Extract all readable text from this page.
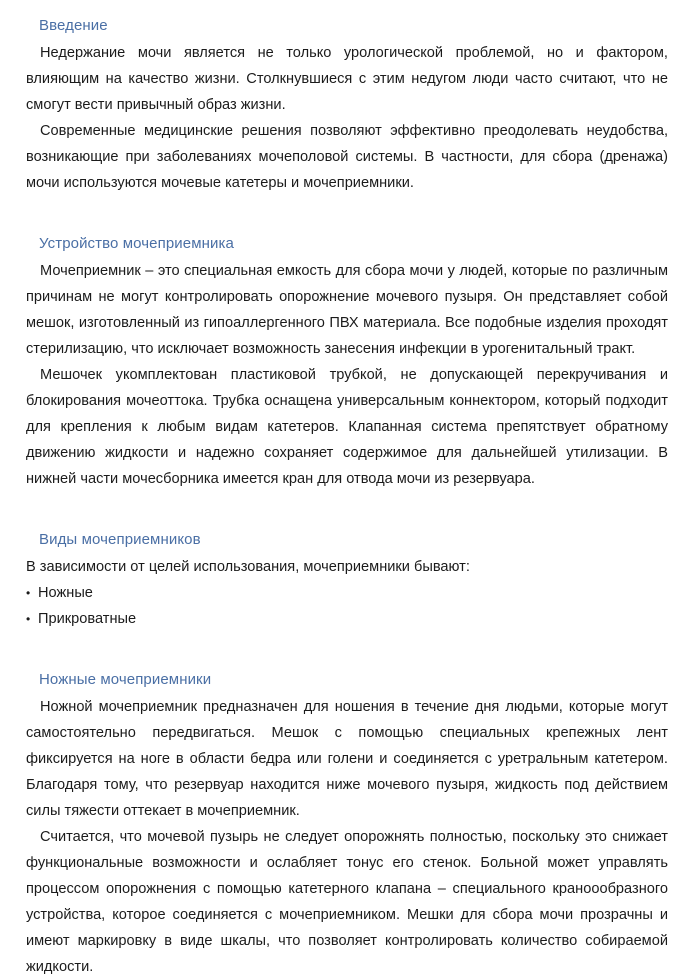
Введение

Недержание мочи является не только урологической проблемой, но и фактором, влияющим на качество жизни. Столкнувшиеся с этим недугом люди часто считают, что не смогут вести привычный образ жизни.

Современные медицинские решения позволяют эффективно преодолевать неудобства, возникающие при заболеваниях мочеполовой системы. В частности, для сбора (дренажа) мочи используются мочевые катетеры и мочеприемники.

Устройство мочеприемника

Мочеприемник – это специальная емкость для сбора мочи у людей, которые по различным причинам не могут контролировать опорожнение мочевого пузыря. Он представляет собой мешок, изготовленный из гипоаллергенного ПВХ материала. Все подобные изделия проходят стерилизацию, что исключает возможность занесения инфекции в урогенитальный тракт.

Мешочек укомплектован пластиковой трубкой, не допускающей перекручивания и блокирования мочеоттока. Трубка оснащена универсальным коннектором, который подходит для крепления к любым видам катетеров. Клапанная система препятствует обратному движению жидкости и надежно сохраняет содержимое для дальнейшей утилизации. В нижней части мочесборника имеется кран для отвода мочи из резервуара.

Виды мочеприемников

В зависимости от целей использования, мочеприемники бывают:

• Ножные
• Прикроватные
Ножные мочеприемники

Ножной мочеприемник предназначен для ношения в течение дня людьми, которые могут самостоятельно передвигаться. Мешок с помощью специальных крепежных лент фиксируется на ноге в области бедра или голени и соединяется с уретральным катетером. Благодаря тому, что резервуар находится ниже мочевого пузыря, жидкость под действием силы тяжести оттекает в мочеприемник.

Считается, что мочевой пузырь не следует опорожнять полностью, поскольку это снижает функциональные возможности и ослабляет тонус его стенок. Больной может управлять процессом опорожнения с помощью катетерного клапана – специального краноообразного устройства, которое соединяется с мочеприемником. Мешки для сбора мочи прозрачны и имеют маркировку в виде шкалы, что позволяет контролировать количество собираемой жидкости.
